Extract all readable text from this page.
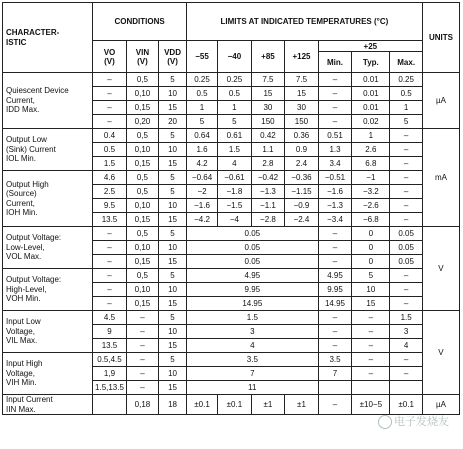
CHARACTER-
ISTIC	CONDITIONS			LIMITS AT INDICATED TEMPERATURES (°C)							UNITS
	VO
(V)	VIN
(V)	VDD
(V)	−55	−40	+85	+125	+25			
								Min.	Typ.	Max.	
Quiescent Device
Current,
IDD Max.	–	0,5	5	0.25	0.25	7.5	7.5	–	0.01	0.25	µA
	–	0,10	10	0.5	0.5	15	15	–	0.01	0.5	
	–	0,15	15	1	1	30	30	–	0.01	1	
	–	0,20	20	5	5	150	150	–	0.02	5	
Output Low
(Sink) Current
IOL Min.	0.4	0,5	5	0.64	0.61	0.42	0.36	0.51	1	–	mA
	0.5	0,10	10	1.6	1.5	1.1	0.9	1.3	2.6	–	
	1.5	0,15	15	4.2	4	2.8	2.4	3.4	6.8	–	
Output High
(Source)
Current,
IOH Min.	4.6	0,5	5	−0.64	−0.61	−0.42	−0.36	−0.51	−1	–	
	2.5	0,5	5	−2	−1.8	−1.3	−1.15	−1.6	−3.2	–	
	9.5	0,10	10	−1.6	−1.5	−1.1	−0.9	−1.3	−2.6	–	
	13.5	0,15	15	−4.2	−4	−2.8	−2.4	−3.4	−6.8	–	
Output Voltage:
Low-Level,
VOL Max.	–	0,5	5	0.05				–	0	0.05	V
	–	0,10	10	0.05				–	0	0.05	
	–	0,15	15	0.05				–	0	0.05	
Output Voltage:
High-Level,
VOH Min.	–	0,5	5	4.95				4.95	5	–	
	–	0,10	10	9.95				9.95	10	–	
	–	0,15	15	14.95				14.95	15	–	
Input Low
Voltage,
VIL Max.	4.5	–	5	1.5				–	–	1.5	V
	9	–	10	3				–	–	3	
	13.5	–	15	4				–	–	4	
Input High
Voltage,
VIH Min.	0.5,4.5	–	5	3.5				3.5	–	–	
	1,9	–	10	7				7	–	–	
	1.5,13.5	–	15	11							
Input Current
IIN Max.		0,18	18	±0.1	±0.1	±1	±1	–	±10−5	±0.1	µA
电子发烧友
